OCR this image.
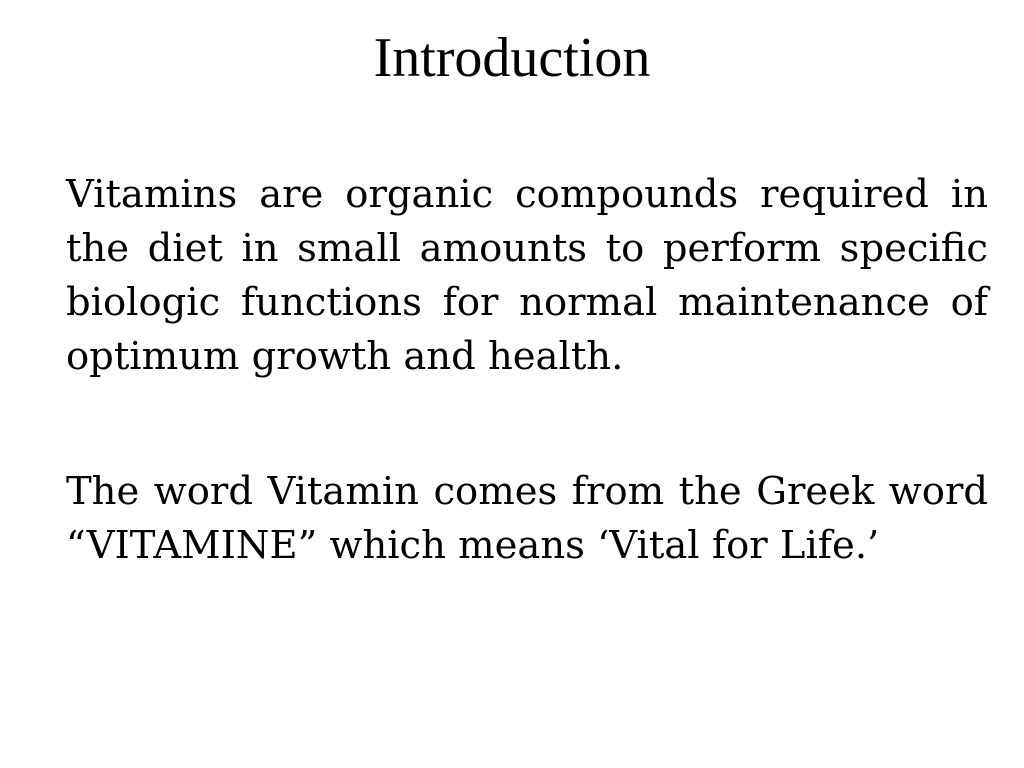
Introduction

Vitamins are organic compounds required in the diet in small amounts to perform specific biologic functions for normal maintenance of optimum growth and health.

The word Vitamin comes from the Greek word “VITAMINE” which means ‘Vital for Life.’
